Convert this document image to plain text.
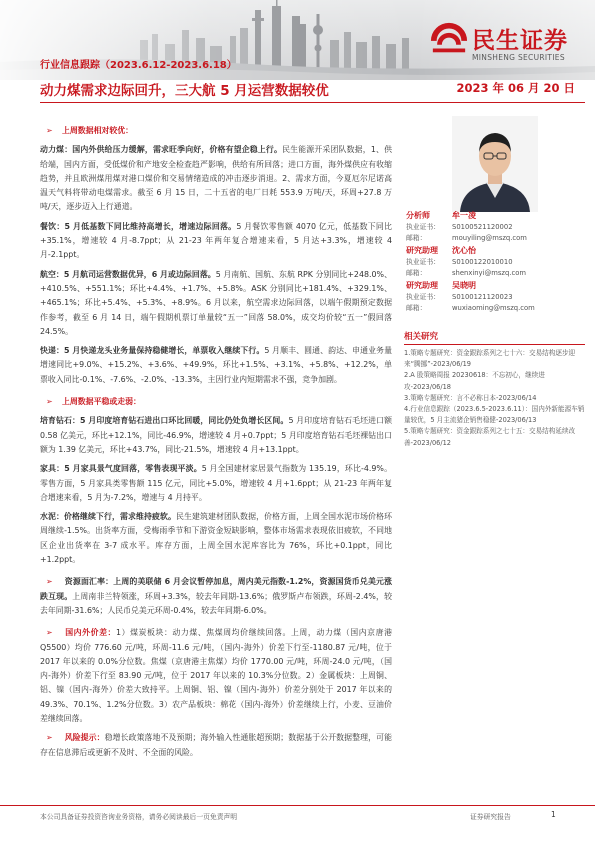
民生证券
MINSHENG SECURITIES
行业信息跟踪（2023.6.12-2023.6.18）
动力煤需求边际回升，三大航 5 月运营数据较优	2023 年 06 月 20 日
➢ 上周数据相对较优：

动力煤：国内外供给压力缓解，需求旺季向好，价格有望企稳上行。民生能源开采团队数据，1、供给端，国内方面，受低煤价和产地安全检查趋严影响，供给有所回落；进口方面，海外煤供应有收缩趋势，并且欧洲煤用煤对港口煤价和交易情绪造成的冲击逐步消退。2、需求方面，今夏厄尔尼诺高温天气料将带动电煤需求。截至 6 月 15 日，二十五省的电厂日耗 553.9 万吨/天，环周+27.8 万吨/天，逐步迈入上行通道。

餐饮：5 月低基数下同比维持高增长，增速边际回落。5 月餐饮零售额 4070 亿元，低基数下同比+35.1%，增速较 4 月-8.7ppt；从 21-23 年两年复合增速来看，5 月达+3.3%，增速较 4 月-2.1ppt。

航空：5 月航司运营数据优异，6 月或边际回落。5 月南航、国航、东航 RPK 分别同比+248.0%、+410.5%、+551.1%；环比+4.4%、+1.7%、+5.8%。ASK 分别同比+181.4%、+329.1%、+465.1%；环比+5.4%、+5.3%、+8.9%。6 月以来，航空需求边际回落，以端午假期预定数据作参考，截至 6 月 14 日，端午假期机票订单量较“五一”回落 58.0%，成交均价较“五一”假回落 24.5%。

快递：5 月快递龙头业务量保持稳健增长，单票收入继续下行。5 月顺丰、圆通、韵达、申通业务量增速同比+9.0%、+15.2%、+3.6%、+49.9%，环比+1.5%、+3.1%、+5.8%、+12.2%，单票收入同比-0.1%、-7.6%、-2.0%、-13.3%，主因行业内短期需求不强，竞争加剧。

➢ 上周数据平稳或走弱：

培育钻石：5 月印度培育钻石进出口环比回暖，同比仍处负增长区间。5 月印度培育钻石毛坯进口额 0.58 亿美元，环比+12.1%，同比-46.9%，增速较 4 月+0.7ppt；5 月印度培育钻石毛坯裸钻出口额为 1.39 亿美元，环比+43.7%，同比-21.5%，增速较 4 月+13.1ppt。

家具：5 月家具景气度回落，零售表现平淡。5 月全国建材家居景气指数为 135.19，环比-4.9%。零售方面，5 月家具类零售额 115 亿元，同比+5.0%，增速较 4 月+1.6ppt；从 21-23 年两年复合增速来看，5 月为-7.2%，增速与 4 月持平。

水泥：价格继续下行，需求维持疲软。民生建筑建材团队数据，价格方面，上周全国水泥市场价格环周继续-1.5%。出货率方面，受梅雨季节和下游资金短缺影响，整体市场需求表现依旧疲软，不同地区企业出货率在 3-7 成水平。库存方面，上周全国水泥库容比为 76%，环比+0.1ppt，同比+1.2ppt。

➢ 资源面汇率：上周的美联储 6 月会议暂停加息，周内美元指数-1.2%，资源国货币兑美元涨跌互现。上周南非兰特领涨，环周+3.3%，较去年同期-13.6%；俄罗斯卢布领跌，环周-2.4%，较去年同期-31.6%；人民币兑美元环周-0.4%，较去年同期-6.0%。

➢ 国内外价差：1）煤炭板块：动力煤、焦煤周均价继续回落。上周，动力煤（国内京唐港 Q5500）均价 776.60 元/吨，环周-11.6 元/吨，（国内-海外）价差下行至-1180.87 元/吨，位于 2017 年以来的 0.0%分位数。焦煤（京唐港主焦煤）均价 1770.00 元/吨，环周-24.0 元/吨，（国内-海外）价差下行至 83.90 元/吨，位于 2017 年以来的 10.3%分位数。2）金属板块：上周铜、铝、镍（国内-海外）价差大致持平。上周铜、铝、镍（国内-海外）价差分别处于 2017 年以来的 49.3%、70.1%、1.2%分位数。3）农产品板块：棉花（国内-海外）价差继续上行，小麦、豆油价差继续回落。

➢ 风险提示：稳增长政策落地不及预期；海外输入性通胀超预期；数据基于公开数据整理，可能存在信息滞后或更新不及时、不全面的风险。

分析师	牟一凌
执业证书： S0100521120002
邮箱：	mouyiling@mszq.com
研究助理 沈心怡
执业证书： S0100122010010
邮箱：	shenxinyi@mszq.com
研究助理 吴晓明
执业证书： S0100121120023
邮箱：	wuxiaoming@mszq.com
相关研究
1.策略专题研究：资金跟踪系列之七十六：交易结构逐步迎来“腾挪”-2023/06/19
2.A 股策略周报 20230618：不忘初心，继续进攻-2023/06/18
3.策略专题研究：言不必称日本-2023/06/14
4.行业信息跟踪（2023.6.5-2023.6.11）：国内外新能源车销量较优，5 月主流猪企销售稳健-2023/06/13
5.策略专题研究：资金跟踪系列之七十五：交易结构延续改善-2023/06/12
本公司具备证券投资咨询业务资格，请务必阅读最后一页免责声明	证券研究报告	1
